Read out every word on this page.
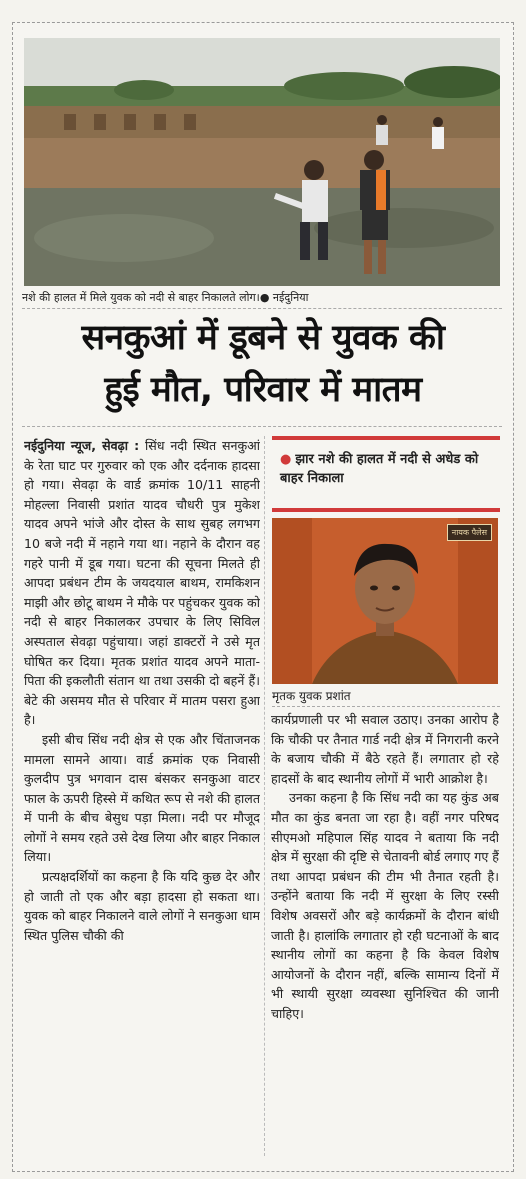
नशे की हालत में मिले युवक को नदी से बाहर निकालते लोग।● नईदुनिया
सनकुआं में डूबने से युवक की
हुई मौत, परिवार में मातम

नईदुनिया न्यूज, सेवढ़ा : सिंध नदी स्थित सनकुआं के रेता घाट पर गुरुवार को एक और दर्दनाक हादसा हो गया। सेवढ़ा के वार्ड क्रमांक 10/11 साहनी मोहल्ला निवासी प्रशांत यादव चौधरी पुत्र मुकेश यादव अपने भांजे और दोस्त के साथ सुबह लगभग 10 बजे नदी में नहाने गया था। नहाने के दौरान वह गहरे पानी में डूब गया। घटना की सूचना मिलते ही आपदा प्रबंधन टीम के जयदयाल बाथम, रामकिशन माझी और छोटू बाथम ने मौके पर पहुंचकर युवक को नदी से बाहर निकालकर उपचार के लिए सिविल अस्पताल सेवढ़ा पहुंचाया। जहां डाक्टरों ने उसे मृत घोषित कर दिया। मृतक प्रशांत यादव अपने माता-पिता की इकलौती संतान था तथा उसकी दो बहनें हैं। बेटे की असमय मौत से परिवार में मातम पसरा हुआ है।

इसी बीच सिंध नदी क्षेत्र से एक और चिंताजनक मामला सामने आया। वार्ड क्रमांक एक निवासी कुलदीप पुत्र भगवान दास बंसकर सनकुआ वाटर फाल के ऊपरी हिस्से में कथित रूप से नशे की हालत में पानी के बीच बेसुध पड़ा मिला। नदी पर मौजूद लोगों ने समय रहते उसे देख लिया और बाहर निकाल लिया।

प्रत्यक्षदर्शियों का कहना है कि यदि कुछ देर और हो जाती तो एक और बड़ा हादसा हो सकता था। युवक को बाहर निकालने वाले लोगों ने सनकुआ धाम स्थित पुलिस चौकी की

● झार नशे की हालत में नदी से अधेड को बाहर निकाला
नायक पैलेस
मृतक युवक प्रशांत

कार्यप्रणाली पर भी सवाल उठाए। उनका आरोप है कि चौकी पर तैनात गार्ड नदी क्षेत्र में निगरानी करने के बजाय चौकी में बैठे रहते हैं। लगातार हो रहे हादसों के बाद स्थानीय लोगों में भारी आक्रोश है।

उनका कहना है कि सिंध नदी का यह कुंड अब मौत का कुंड बनता जा रहा है। वहीं नगर परिषद सीएमओ महिपाल सिंह यादव ने बताया कि नदी क्षेत्र में सुरक्षा की दृष्टि से चेतावनी बोर्ड लगाए गए हैं तथा आपदा प्रबंधन की टीम भी तैनात रहती है। उन्होंने बताया कि नदी में सुरक्षा के लिए रस्सी विशेष अवसरों और बड़े कार्यक्रमों के दौरान बांधी जाती है। हालांकि लगातार हो रही घटनाओं के बाद स्थानीय लोगों का कहना है कि केवल विशेष आयोजनों के दौरान नहीं, बल्कि सामान्य दिनों में भी स्थायी सुरक्षा व्यवस्था सुनिश्चित की जानी चाहिए।
